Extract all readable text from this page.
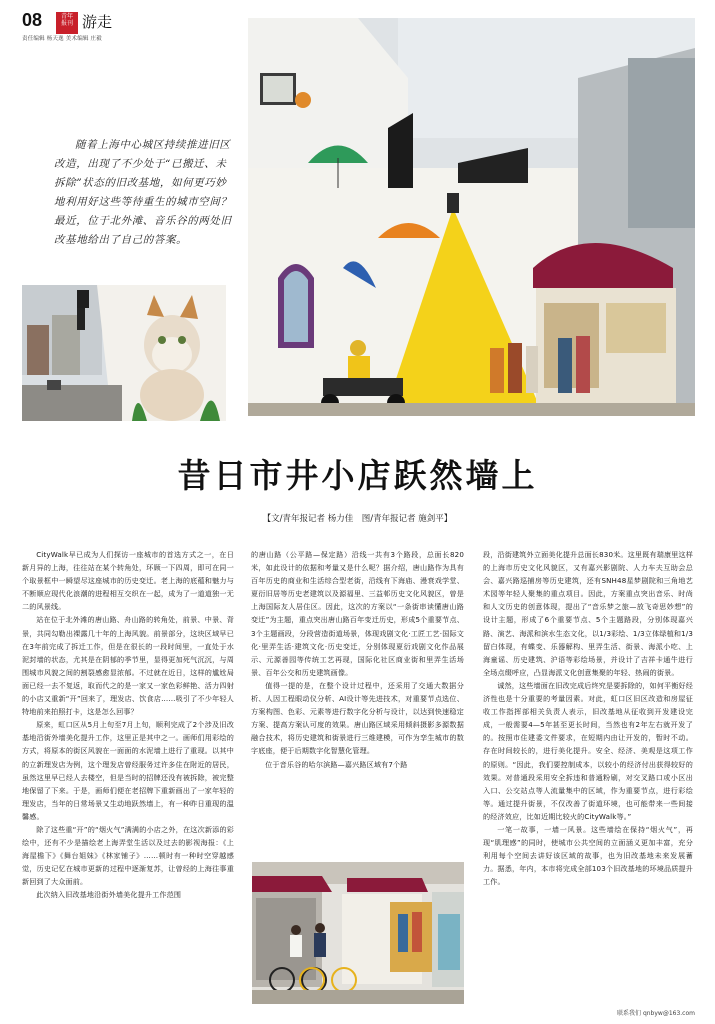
08	青年
报刊 游走
责任编辑 杨天逸 美术编辑 庄毅
随着上海中心城区持续推进旧区改造，出现了不少处于“已搬迁、未拆除”状态的旧改基地，如何更巧妙地利用好这些等待重生的城市空间？最近，位于北外滩、音乐谷的两处旧改基地给出了自己的答案。
昔日市井小店跃然墙上
【文/青年报记者 杨力佳　图/青年报记者 施剑平】

CityWalk早已成为人们探访一座城市的首选方式之一，在日新月异的上海，往往站在某个转角处，环顾一下四周，即可在同一个取景框中一瞬望尽这座城市的历史变迁。老上海的底蕴和魅力与不断顺应现代化浪潮的进程相互交织在一起，成为了一道道独一无二的风景线。

站在位于北外滩的唐山路、舟山路的转角处，前景、中景、背景，共同勾勒出裸露几十年的上海风貌。前景部分，这块区域早已在3年前完成了拆迁工作，但是在很长的一段时间里，一直处于水泥封墙的状态，尤其是在阴郁的季节里，显得更加死气沉沉，与周围城市风貌之间的割裂感愈显浓郁。不过就在近日，这样的尴尬局面已经一去不复返，取而代之的是一家又一家色彩鲜艳、活力四射的小店又重新“开”回来了，理发店、饮食店……吸引了不少年轻人特地前来拍照打卡，这是怎么回事？

原来，虹口区从5月上旬至7月上旬，顺利完成了2个涉及旧改基地沿街外墙美化提升工作，这里正是其中之一。画师们用彩绘的方式，将原本的街区风貌在一面面的水泥墙上进行了重现。以其中的立新理发店为例，这个理发店曾经服务过许多住在附近的居民，虽然这里早已经人去楼空，但是当时的招牌还没有被拆除，被完整地保留了下来。于是，画师们便在老招牌下重新画出了一家年轻的理发店，当年的日常场景又生动地跃然墙上，有一种昨日重现的温馨感。

除了这些重“开”的“烟火气”满满的小店之外，在这次新添的彩绘中，还有不少是描绘老上海弄堂生活以及过去的影视海报：《上海屋檐下》《舞台姐妹》《林家铺子》……顿时有一种时空穿越感觉，历史记忆在城市更新的过程中逐渐复苏，让曾经的上海往事重新回到了大众面前。

此次纳入旧改基地沿街外墙美化提升工作范围

的唐山路（公平路—保定路）沿线一共有3个路段，总面长820米，如此设计的依据和考量又是什么呢？据介绍，唐山路作为具有百年历史的商业和生活综合型老街，沿线有下海庙、漫衰戏学堂、夏衍旧居等历史老建筑以及源福里、三益邨历史文化风貌区，曾是上海国际友人居住区。因此，这次的方案以“一条街串读懂唐山路变迁”为主题，重点突出唐山路百年变迁历史，形成5个重要节点、3个主题画段，分段营造街道场景，体现戏剧文化·工匠工艺·国际文化·里弄生活·建筑文化·历史变迁，分别体现夏衍戏剧文化作品展示、元源善园等传统工艺再现，国际化社区商业街和里弄生活场景、百年公交和历史建筑画像。

值得一提的是，在整个设计过程中，还采用了交通大数据分析、人因工程眼动仪分析、AI设计等先进技术，对重要节点选位、方案构图、色彩、元素等进行数字化分析与设计，以达到快速稳定方案、提高方案认可度的效果。唐山路区域采用倾斜摄影多源数据融合技术，将历史建筑和街景进行三维建模，可作为孪生城市的数字底座，便于后期数字化智慧化管理。

位于音乐谷的哈尔滨路—嘉兴路区域有7个路

段，沿街建筑外立面美化提升总面长830米。这里既有瑞康里这样的上海市历史文化风貌区，又有嘉兴影剧院、人力车夫互助会总会、嘉兴路巡捕房等历史建筑，还有SNH48星梦剧院和三角地艺术园等年轻人聚集的重点项目。因此，方案重点突出音乐、时尚和人文历史的创意体现，提出了“音乐梦之旅—放飞奇思妙想”的设计主题，形成了6个重要节点、5个主题路段，分别体现嘉兴路、演艺、海派和滨水生态文化，以1/3彩绘、1/3立体绿植和1/3留白体现，有蝶变、乐器解构、里弄生活、街景、海派小吃、上海童谣、历史建筑、沪语等彩绘场景，并设计了吉祥卡通牛进行全场点缀呼应，凸显海派文化创意集聚的年轻、热闹的街景。

诚然，这些墙面在旧改完成后终究是要拆除的，如何平衡好经济性也是十分重要的考量因素。对此，虹口区旧区改造和房屋征收工作指挥部相关负责人表示，旧改基地从征收到开发建设完成，一般需要4—5年甚至更长时间，当然也有2年左右就开发了的。按照市住建委文件要求，在短期内由让开发的，暂时不动。存在时间较长的，进行美化提升。安全、经济、美观是这项工作的原则。“因此，我们要控制成本，以较小的经济付出获得较好的效果。对普通段采用安全拆违和普通粉刷，对交叉路口或小区出入口、公交站点等人流量集中的区域，作为重要节点，进行彩绘等。通过提升街景，不仅改善了街道环境，也可能带来一些间接的经济效应，比如近期比较火的CityWalk等。”

一笔一故事，一墙一风景。这些墙绘在保持“烟火气”，再现“肌理感”的同时，使城市公共空间的立面涵义更加丰富，充分利用每个空间去讲好该区域的故事，也为旧改基地未来发展蓄力。据悉，年内，本市将完成全部103个旧改基地的环境品质提升工作。

联系我们 qnbyw@163.com
